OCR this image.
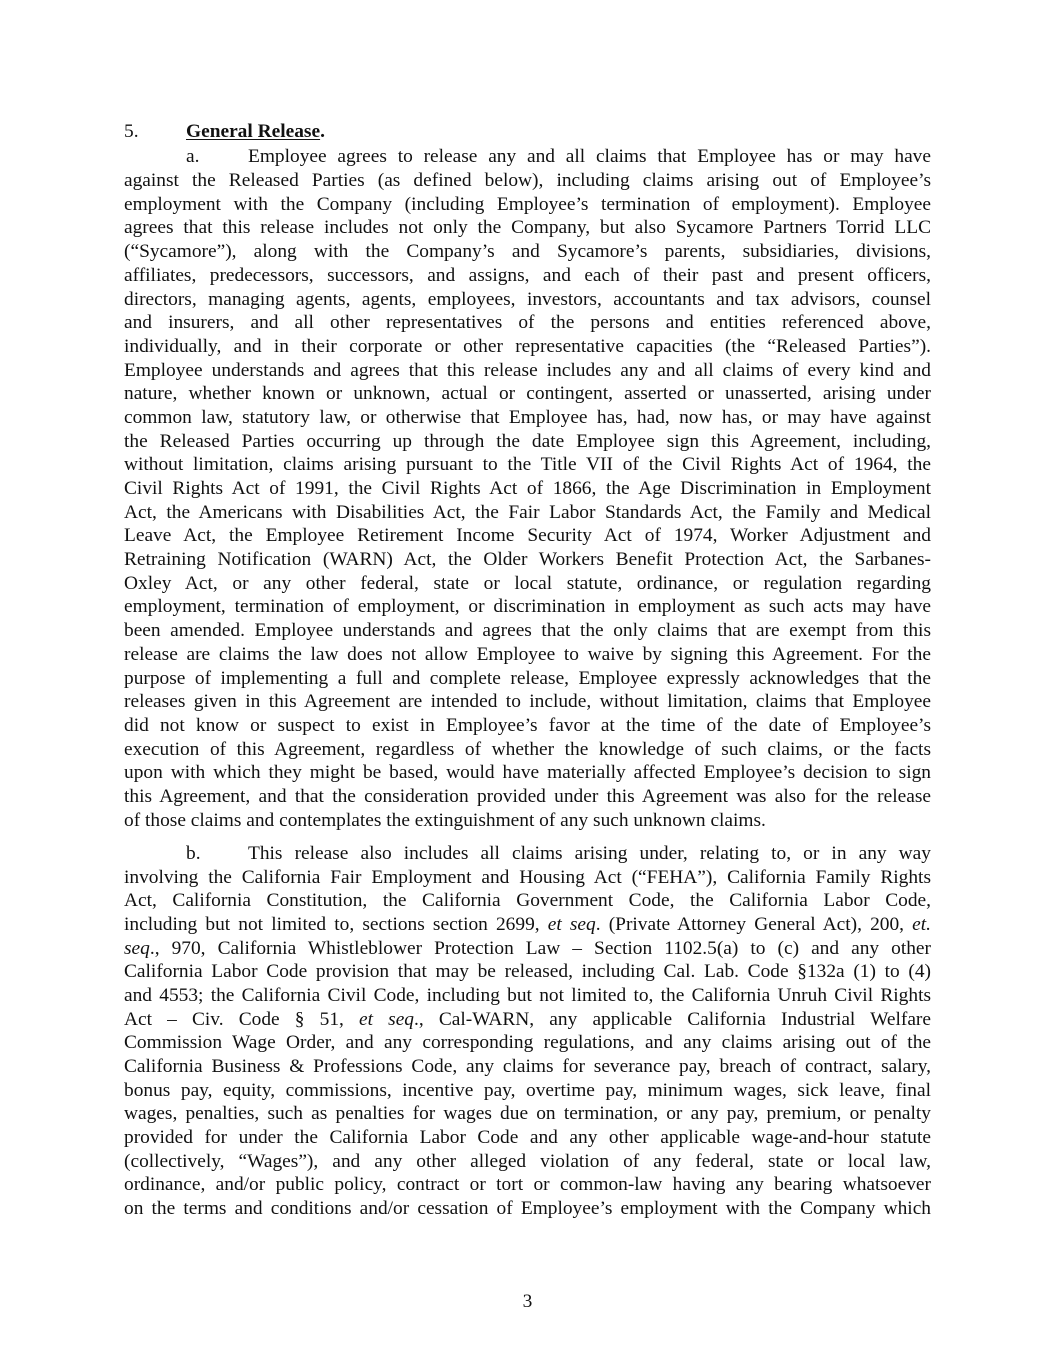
5. General Release.
a.	Employee agrees to release any and all claims that Employee has or may have
against the Released Parties (as defined below), including claims arising out of Employee’s
employment with the Company (including Employee’s termination of employment). Employee
agrees that this release includes not only the Company, but also Sycamore Partners Torrid LLC
(“Sycamore”), along with the Company’s and Sycamore’s parents, subsidiaries, divisions,
affiliates, predecessors, successors, and assigns, and each of their past and present officers,
directors, managing agents, agents, employees, investors, accountants and tax advisors, counsel
and insurers, and all other representatives of the persons and entities referenced above,
individually, and in their corporate or other representative capacities (the “Released Parties”).
Employee understands and agrees that this release includes any and all claims of every kind and
nature, whether known or unknown, actual or contingent, asserted or unasserted, arising under
common law, statutory law, or otherwise that Employee has, had, now has, or may have against
the Released Parties occurring up through the date Employee sign this Agreement, including,
without limitation, claims arising pursuant to the Title VII of the Civil Rights Act of 1964, the
Civil Rights Act of 1991, the Civil Rights Act of 1866, the Age Discrimination in Employment
Act, the Americans with Disabilities Act, the Fair Labor Standards Act, the Family and Medical
Leave Act, the Employee Retirement Income Security Act of 1974, Worker Adjustment and
Retraining Notification (WARN) Act, the Older Workers Benefit Protection Act, the Sarbanes-
Oxley Act, or any other federal, state or local statute, ordinance, or regulation regarding
employment, termination of employment, or discrimination in employment as such acts may have
been amended. Employee understands and agrees that the only claims that are exempt from this
release are claims the law does not allow Employee to waive by signing this Agreement. For the
purpose of implementing a full and complete release, Employee expressly acknowledges that the
releases given in this Agreement are intended to include, without limitation, claims that Employee
did not know or suspect to exist in Employee’s favor at the time of the date of Employee’s
execution of this Agreement, regardless of whether the knowledge of such claims, or the facts
upon with which they might be based, would have materially affected Employee’s decision to sign
this Agreement, and that the consideration provided under this Agreement was also for the release
of those claims and contemplates the extinguishment of any such unknown claims.
b. This release also includes all claims arising under, relating to, or in any way
involving the California Fair Employment and Housing Act (“FEHA”), California Family Rights
Act, California Constitution, the California Government Code, the California Labor Code,
including but not limited to, sections section 2699, et seq. (Private Attorney General Act), 200, et.
seq., 970, California Whistleblower Protection Law – Section 1102.5(a) to (c) and any other
California Labor Code provision that may be released, including Cal. Lab. Code §132a (1) to (4)
and 4553; the California Civil Code, including but not limited to, the California Unruh Civil Rights
Act – Civ. Code § 51, et seq., Cal-WARN, any applicable California Industrial Welfare
Commission Wage Order, and any corresponding regulations, and any claims arising out of the
California Business & Professions Code, any claims for severance pay, breach of contract, salary,
bonus pay, equity, commissions, incentive pay, overtime pay, minimum wages, sick leave, final
wages, penalties, such as penalties for wages due on termination, or any pay, premium, or penalty
provided for under the California Labor Code and any other applicable wage-and-hour statute
(collectively, “Wages”), and any other alleged violation of any federal, state or local law,
ordinance, and/or public policy, contract or tort or common-law having any bearing whatsoever
on the terms and conditions and/or cessation of Employee’s employment with the Company which
3
